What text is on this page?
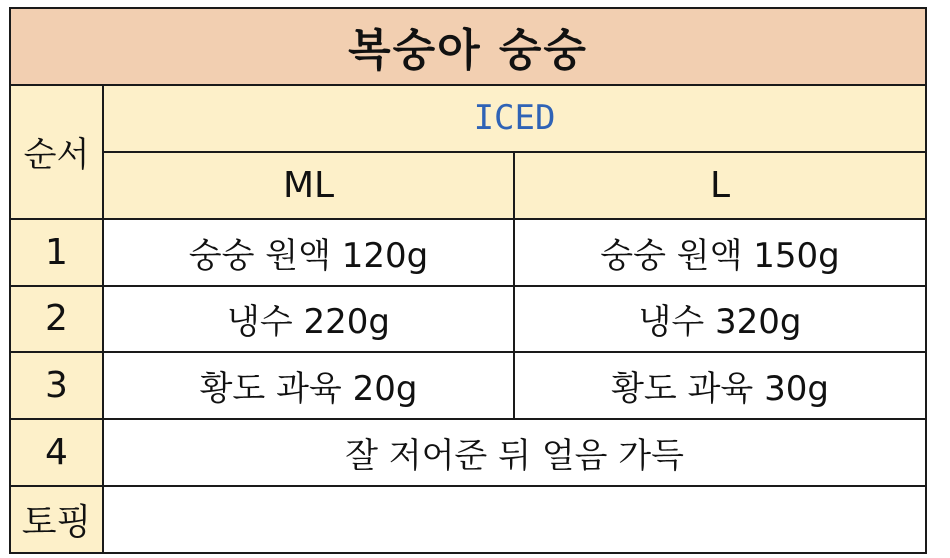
복숭아 숭숭		
순서	ICED	
	ML	L
1	숭숭 원액 120g	숭숭 원액 150g
2	냉수 220g	냉수 320g
3	황도 과육 20g	황도 과육 30g
4	잘 저어준 뒤 얼음 가득	
토핑		
